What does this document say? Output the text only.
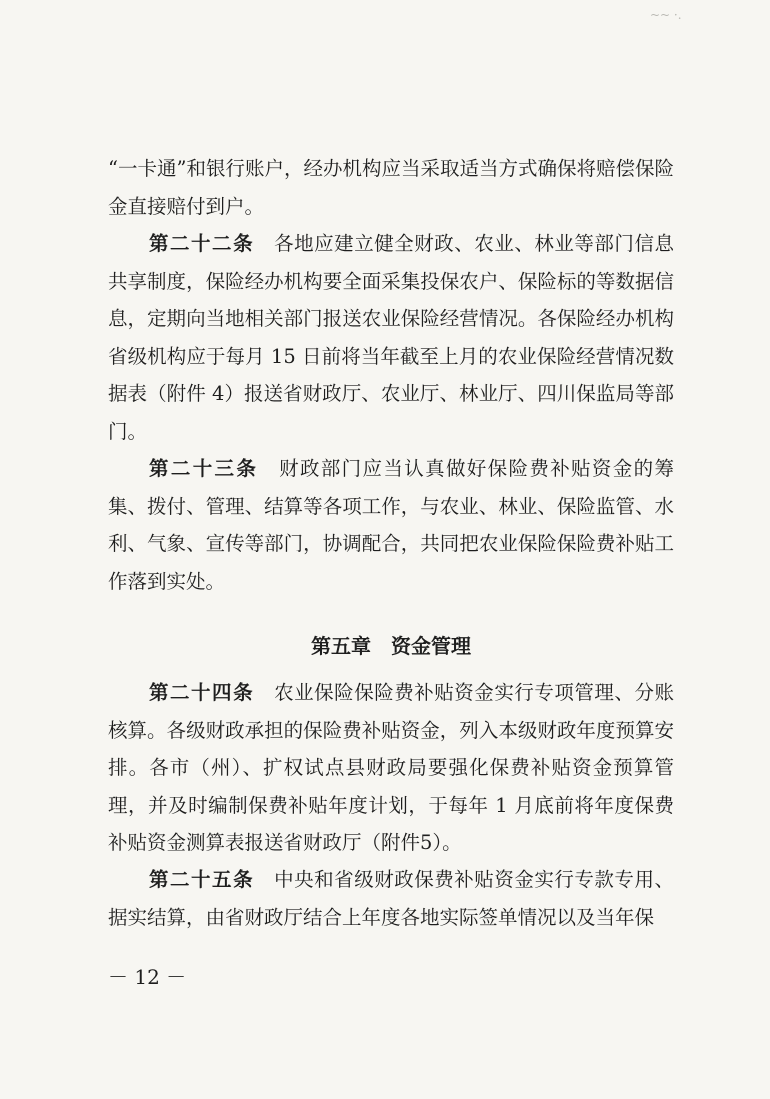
“一卡通”和银行账户，经办机构应当采取适当方式确保将赔偿保险金直接赔付到户。

第二十二条　 各地应建立健全财政、农业、林业等部门信息共享制度，保险经办机构要全面采集投保农户、保险标的等数据信息，定期向当地相关部门报送农业保险经营情况。各保险经办机构省级机构应于每月 15 日前将当年截至上月的农业保险经营情况数据表（附件 4）报送省财政厅、农业厅、林业厅、四川保监局等部门。

第二十三条　 财政部门应当认真做好保险费补贴资金的筹集、拨付、管理、结算等各项工作，与农业、林业、保险监管、水利、气象、宣传等部门，协调配合，共同把农业保险保险费补贴工作落到实处。

第五章　资金管理

第二十四条　 农业保险保险费补贴资金实行专项管理、分账核算。各级财政承担的保险费补贴资金，列入本级财政年度预算安排。各市（州）、扩权试点县财政局要强化保费补贴资金预算管理，并及时编制保费补贴年度计划，于每年 1 月底前将年度保费补贴资金测算表报送省财政厅（附件5）。

第二十五条　 中央和省级财政保费补贴资金实行专款专用、据实结算，由省财政厅结合上年度各地实际签单情况以及当年保

－ 12 －
~~ ·.
